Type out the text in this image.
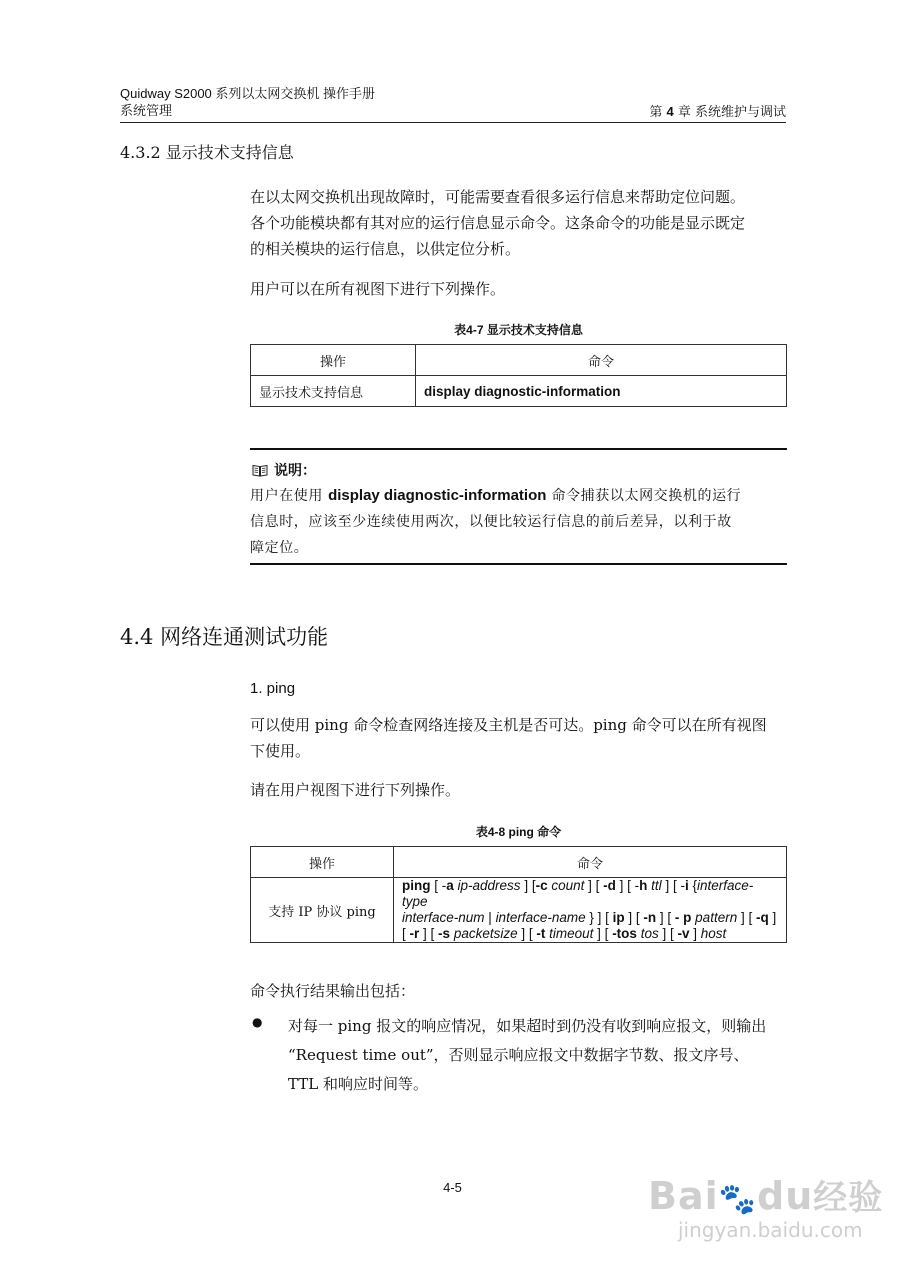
Quidway S2000 系列以太网交换机 操作手册
系统管理	第 4 章 系统维护与调试
4.3.2 显示技术支持信息
在以太网交换机出现故障时，可能需要查看很多运行信息来帮助定位问题。
各个功能模块都有其对应的运行信息显示命令。这条命令的功能是显示既定
的相关模块的运行信息，以供定位分析。
用户可以在所有视图下进行下列操作。
表4-7 显示技术支持信息
操作	命令
显示技术支持信息	display diagnostic-information
说明：
用户在使用 display diagnostic-information 命令捕获以太网交换机的运行
信息时，应该至少连续使用两次，以便比较运行信息的前后差异，以利于故
障定位。
4.4 网络连通测试功能
1. ping
可以使用 ping 命令检查网络连接及主机是否可达。ping 命令可以在所有视图
下使用。
请在用户视图下进行下列操作。
表4-8 ping 命令
操作	命令
支持 IP 协议 ping	ping [ -a ip-address ] [-c count ] [ -d ] [ -h ttl ] [ -i {interface-type
interface-num | interface-name } ] [ ip ] [ -n ] [ - p pattern ] [ -q ]
[ -r ] [ -s packetsize ] [ -t timeout ] [ -tos tos ] [ -v ] host
命令执行结果输出包括：
● 对每一 ping 报文的响应情况，如果超时到仍没有收到响应报文，则输出
“Request time out”，否则显示响应报文中数据字节数、报文序号、
TTL 和响应时间等。
4-5	Bai🐾du经验
jingyan.baidu.com
